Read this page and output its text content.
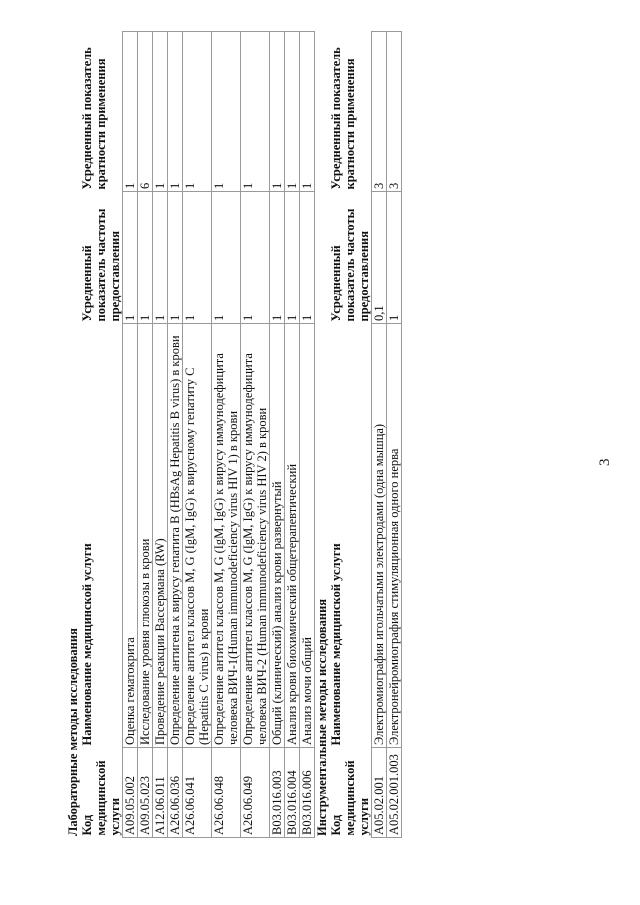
3
Лабораторные методы исследования Код медицинской услуги	Наименование медицинской услуги	Усредненный показатель частоты предоставления	Усредненный показатель кратности применения
A09.05.002	Оценка гематокрита	1	1
A09.05.023	Исследование уровня глюкозы в крови	1	6
A12.06.011	Проведение реакции Вассермана (RW)	1	1
A26.06.036	Определение антигена к вирусу гепатита B (HBsAg Hepatitis B virus) в крови	1	1
A26.06.041	Определение антител классов M, G (IgM, IgG) к вирусному гепатиту C (Hepatitis C virus) в крови	1	1
A26.06.048	Определение антител классов M, G (IgM, IgG) к вирусу иммунодефицита человека ВИЧ-1(Human immunodeficiency virus HIV 1) в крови	1	1
A26.06.049	Определение антител классов M, G (IgM, IgG) к вирусу иммунодефицита человека ВИЧ-2 (Human immunodeficiency virus HIV 2) в крови	1	1
B03.016.003	Общий (клинический) анализ крови развернутый	1	1
B03.016.004	Анализ крови биохимический общетерапевтический	1	1
B03.016.006	Анализ мочи общий	1	1
Инструментальные методы исследования Код медицинской услуги	Наименование медицинской услуги	Усредненный показатель частоты предоставления	Усредненный показатель кратности применения
A05.02.001	Электромиография игольчатыми электродами (одна мышца)	0,1	3
A05.02.001.003	Электронейромиография стимуляционная одного нерва	1	3
